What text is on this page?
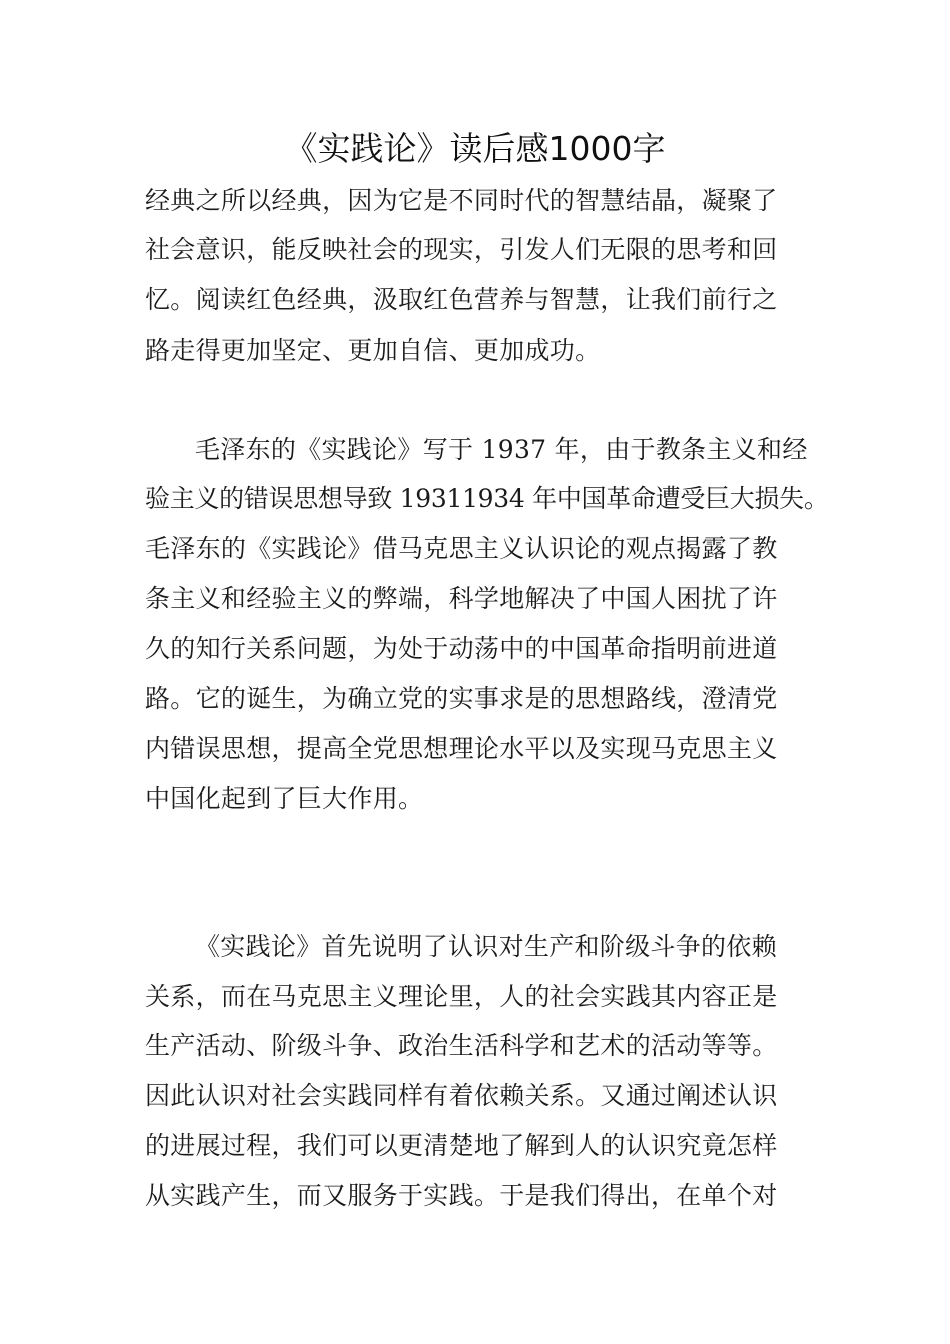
《实践论》读后感1000字
经典之所以经典，因为它是不同时代的智慧结晶，凝聚了
社会意识，能反映社会的现实，引发人们无限的思考和回
忆。阅读红色经典，汲取红色营养与智慧，让我们前行之
路走得更加坚定、更加自信、更加成功。
毛泽东的《实践论》写于 1937 年，由于教条主义和经
验主义的错误思想导致 19311934 年中国革命遭受巨大损失。
毛泽东的《实践论》借马克思主义认识论的观点揭露了教
条主义和经验主义的弊端，科学地解决了中国人困扰了许
久的知行关系问题，为处于动荡中的中国革命指明前进道
路。它的诞生，为确立党的实事求是的思想路线，澄清党
内错误思想，提高全党思想理论水平以及实现马克思主义
中国化起到了巨大作用。
《实践论》首先说明了认识对生产和阶级斗争的依赖
关系，而在马克思主义理论里，人的社会实践其内容正是
生产活动、阶级斗争、政治生活科学和艺术的活动等等。
因此认识对社会实践同样有着依赖关系。又通过阐述认识
的进展过程，我们可以更清楚地了解到人的认识究竟怎样
从实践产生，而又服务于实践。于是我们得出，在单个对
